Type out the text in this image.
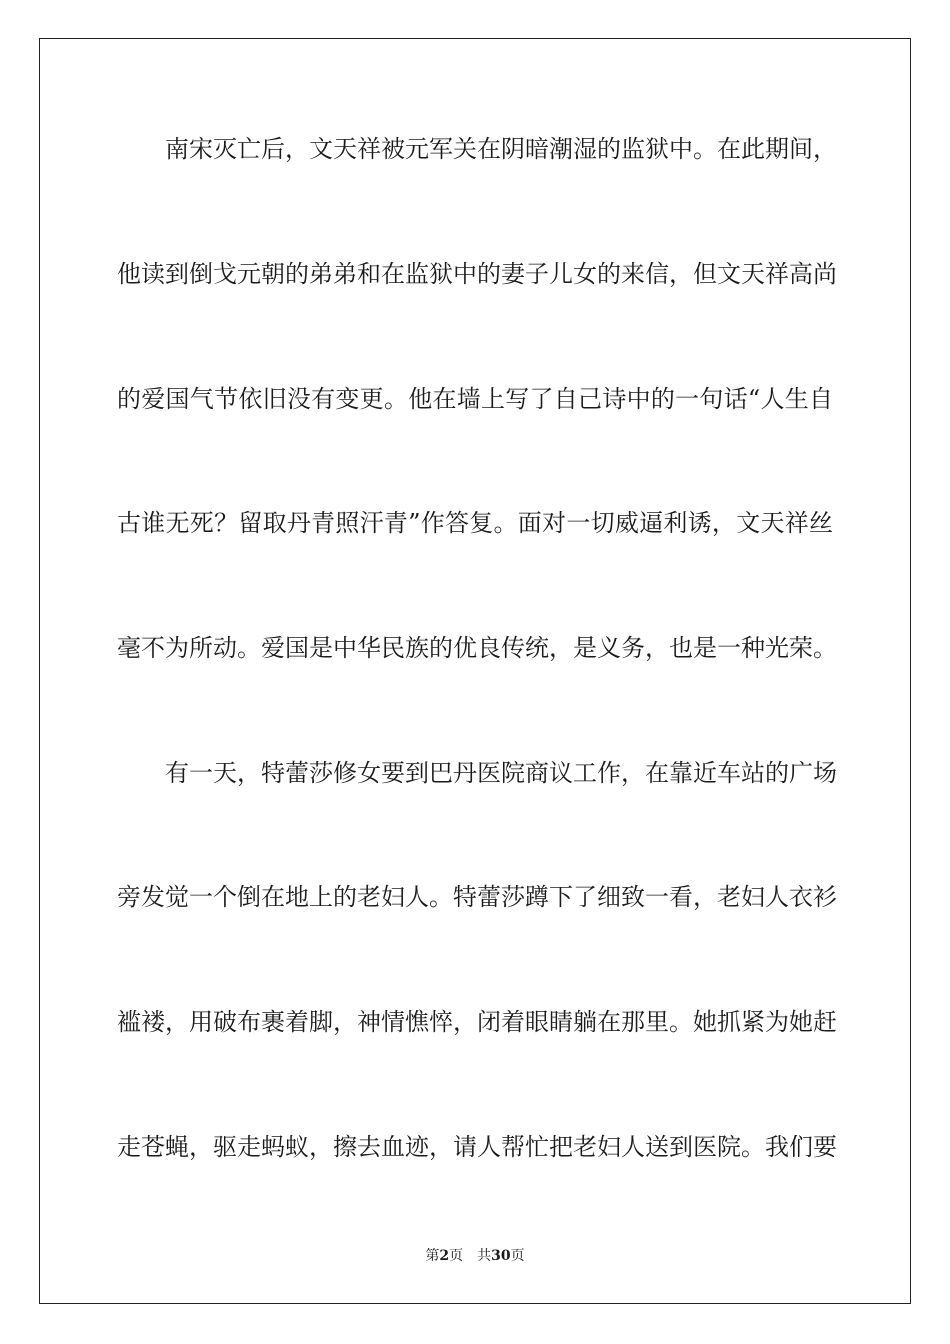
南宋灭亡后，文天祥被元军关在阴暗潮湿的监狱中。在此期间，
他读到倒戈元朝的弟弟和在监狱中的妻子儿女的来信，但文天祥高尚
的爱国气节依旧没有变更。他在墙上写了自己诗中的一句话“人生自
古谁无死？留取丹青照汗青”作答复。面对一切威逼利诱，文天祥丝
毫不为所动。爱国是中华民族的优良传统，是义务，也是一种光荣。
有一天，特蕾莎修女要到巴丹医院商议工作，在靠近车站的广场
旁发觉一个倒在地上的老妇人。特蕾莎蹲下了细致一看，老妇人衣衫
褴褛，用破布裹着脚，神情憔悴，闭着眼睛躺在那里。她抓紧为她赶
走苍蝇，驱走蚂蚁，擦去血迹，请人帮忙把老妇人送到医院。我们要
第2页 共30页
